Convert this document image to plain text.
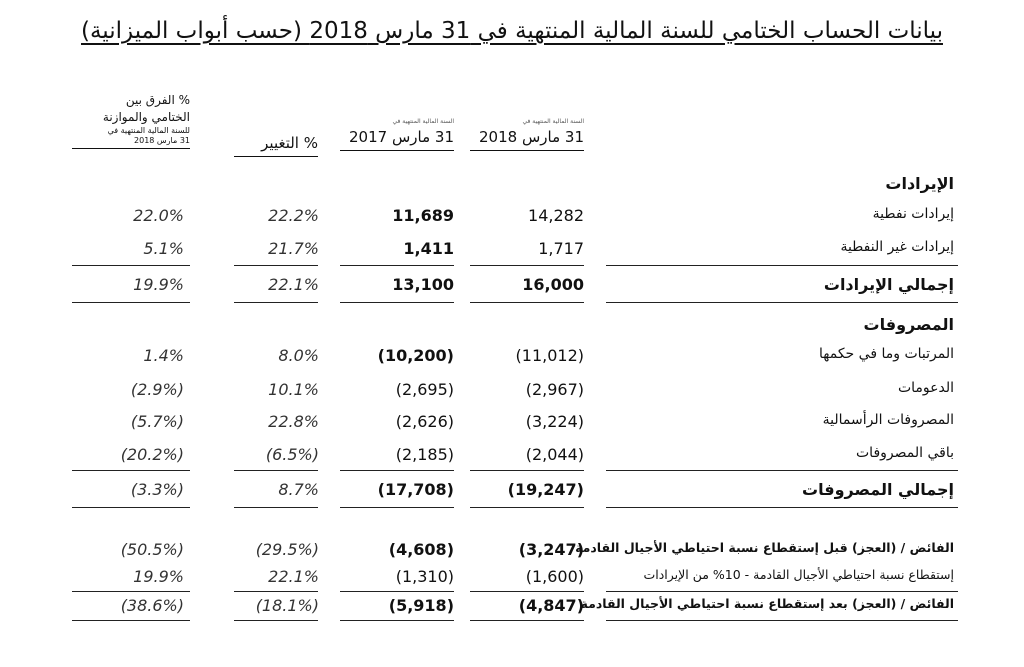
بيانات الحساب الختامي للسنة المالية المنتهية في 31 مارس 2018 (حسب أبواب الميزانية)
السنة المالية المنتهية في
31 مارس 2018
السنة المالية المنتهية في
31 مارس 2017
% التغيير
% الفرق بين
الختامي والموازنة
للسنة المالية المنتهية في
31 مارس 2018
الإيرادات
إيرادات نفطية
14,282
11,689
22.2%
22.0%
إيرادات غير النفطية
1,717
1,411
21.7%
5.1%
إجمالي الإيرادات
16,000
13,100
22.1%
19.9%
المصروفات
المرتبات وما في حكمها
(11,012)
(10,200)
8.0%
1.4%
الدعومات
(2,967)
(2,695)
10.1%
(2.9%)
المصروفات الرأسمالية
(3,224)
(2,626)
22.8%
(5.7%)
باقي المصروفات
(2,044)
(2,185)
(6.5%)
(20.2%)
إجمالي المصروفات
(19,247)
(17,708)
8.7%
(3.3%)
الفائض / (العجز) قبل إستقطاع نسبة احتياطي الأجيال القادمة
(3,247)
(4,608)
(29.5%)
(50.5%)
إستقطاع نسبة احتياطي الأجيال القادمة - 10% من الإيرادات
(1,600)
(1,310)
22.1%
19.9%
الفائض / (العجز) بعد إستقطاع نسبة احتياطي الأجيال القادمة
(4,847)
(5,918)
(18.1%)
(38.6%)
